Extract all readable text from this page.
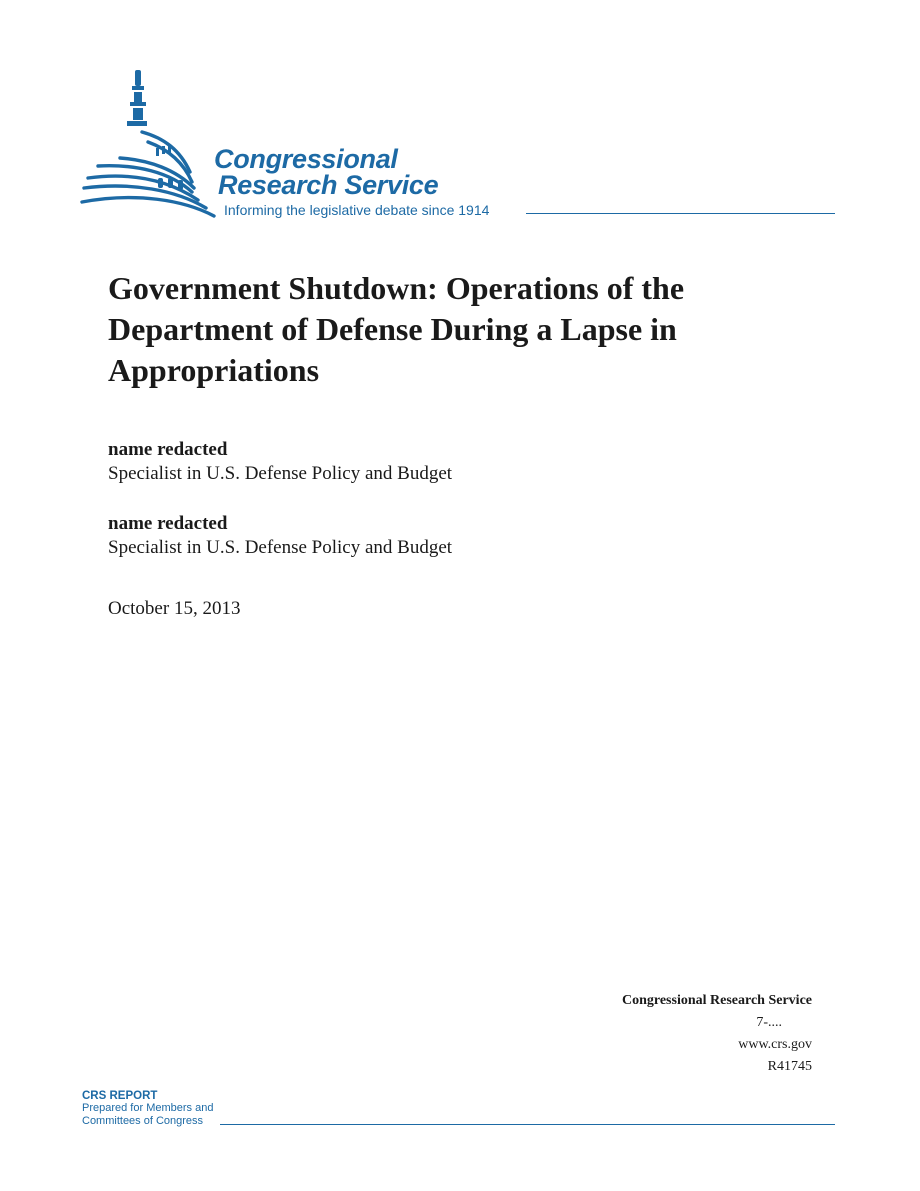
Congressional
Research Service
Informing the legislative debate since 1914
Government Shutdown: Operations of the Department of Defense During a Lapse in Appropriations
name redacted
Specialist in U.S. Defense Policy and Budget
name redacted
Specialist in U.S. Defense Policy and Budget
October 15, 2013
Congressional Research Service
7-....
www.crs.gov
R41745
CRS REPORT
Prepared for Members and
Committees of Congress
